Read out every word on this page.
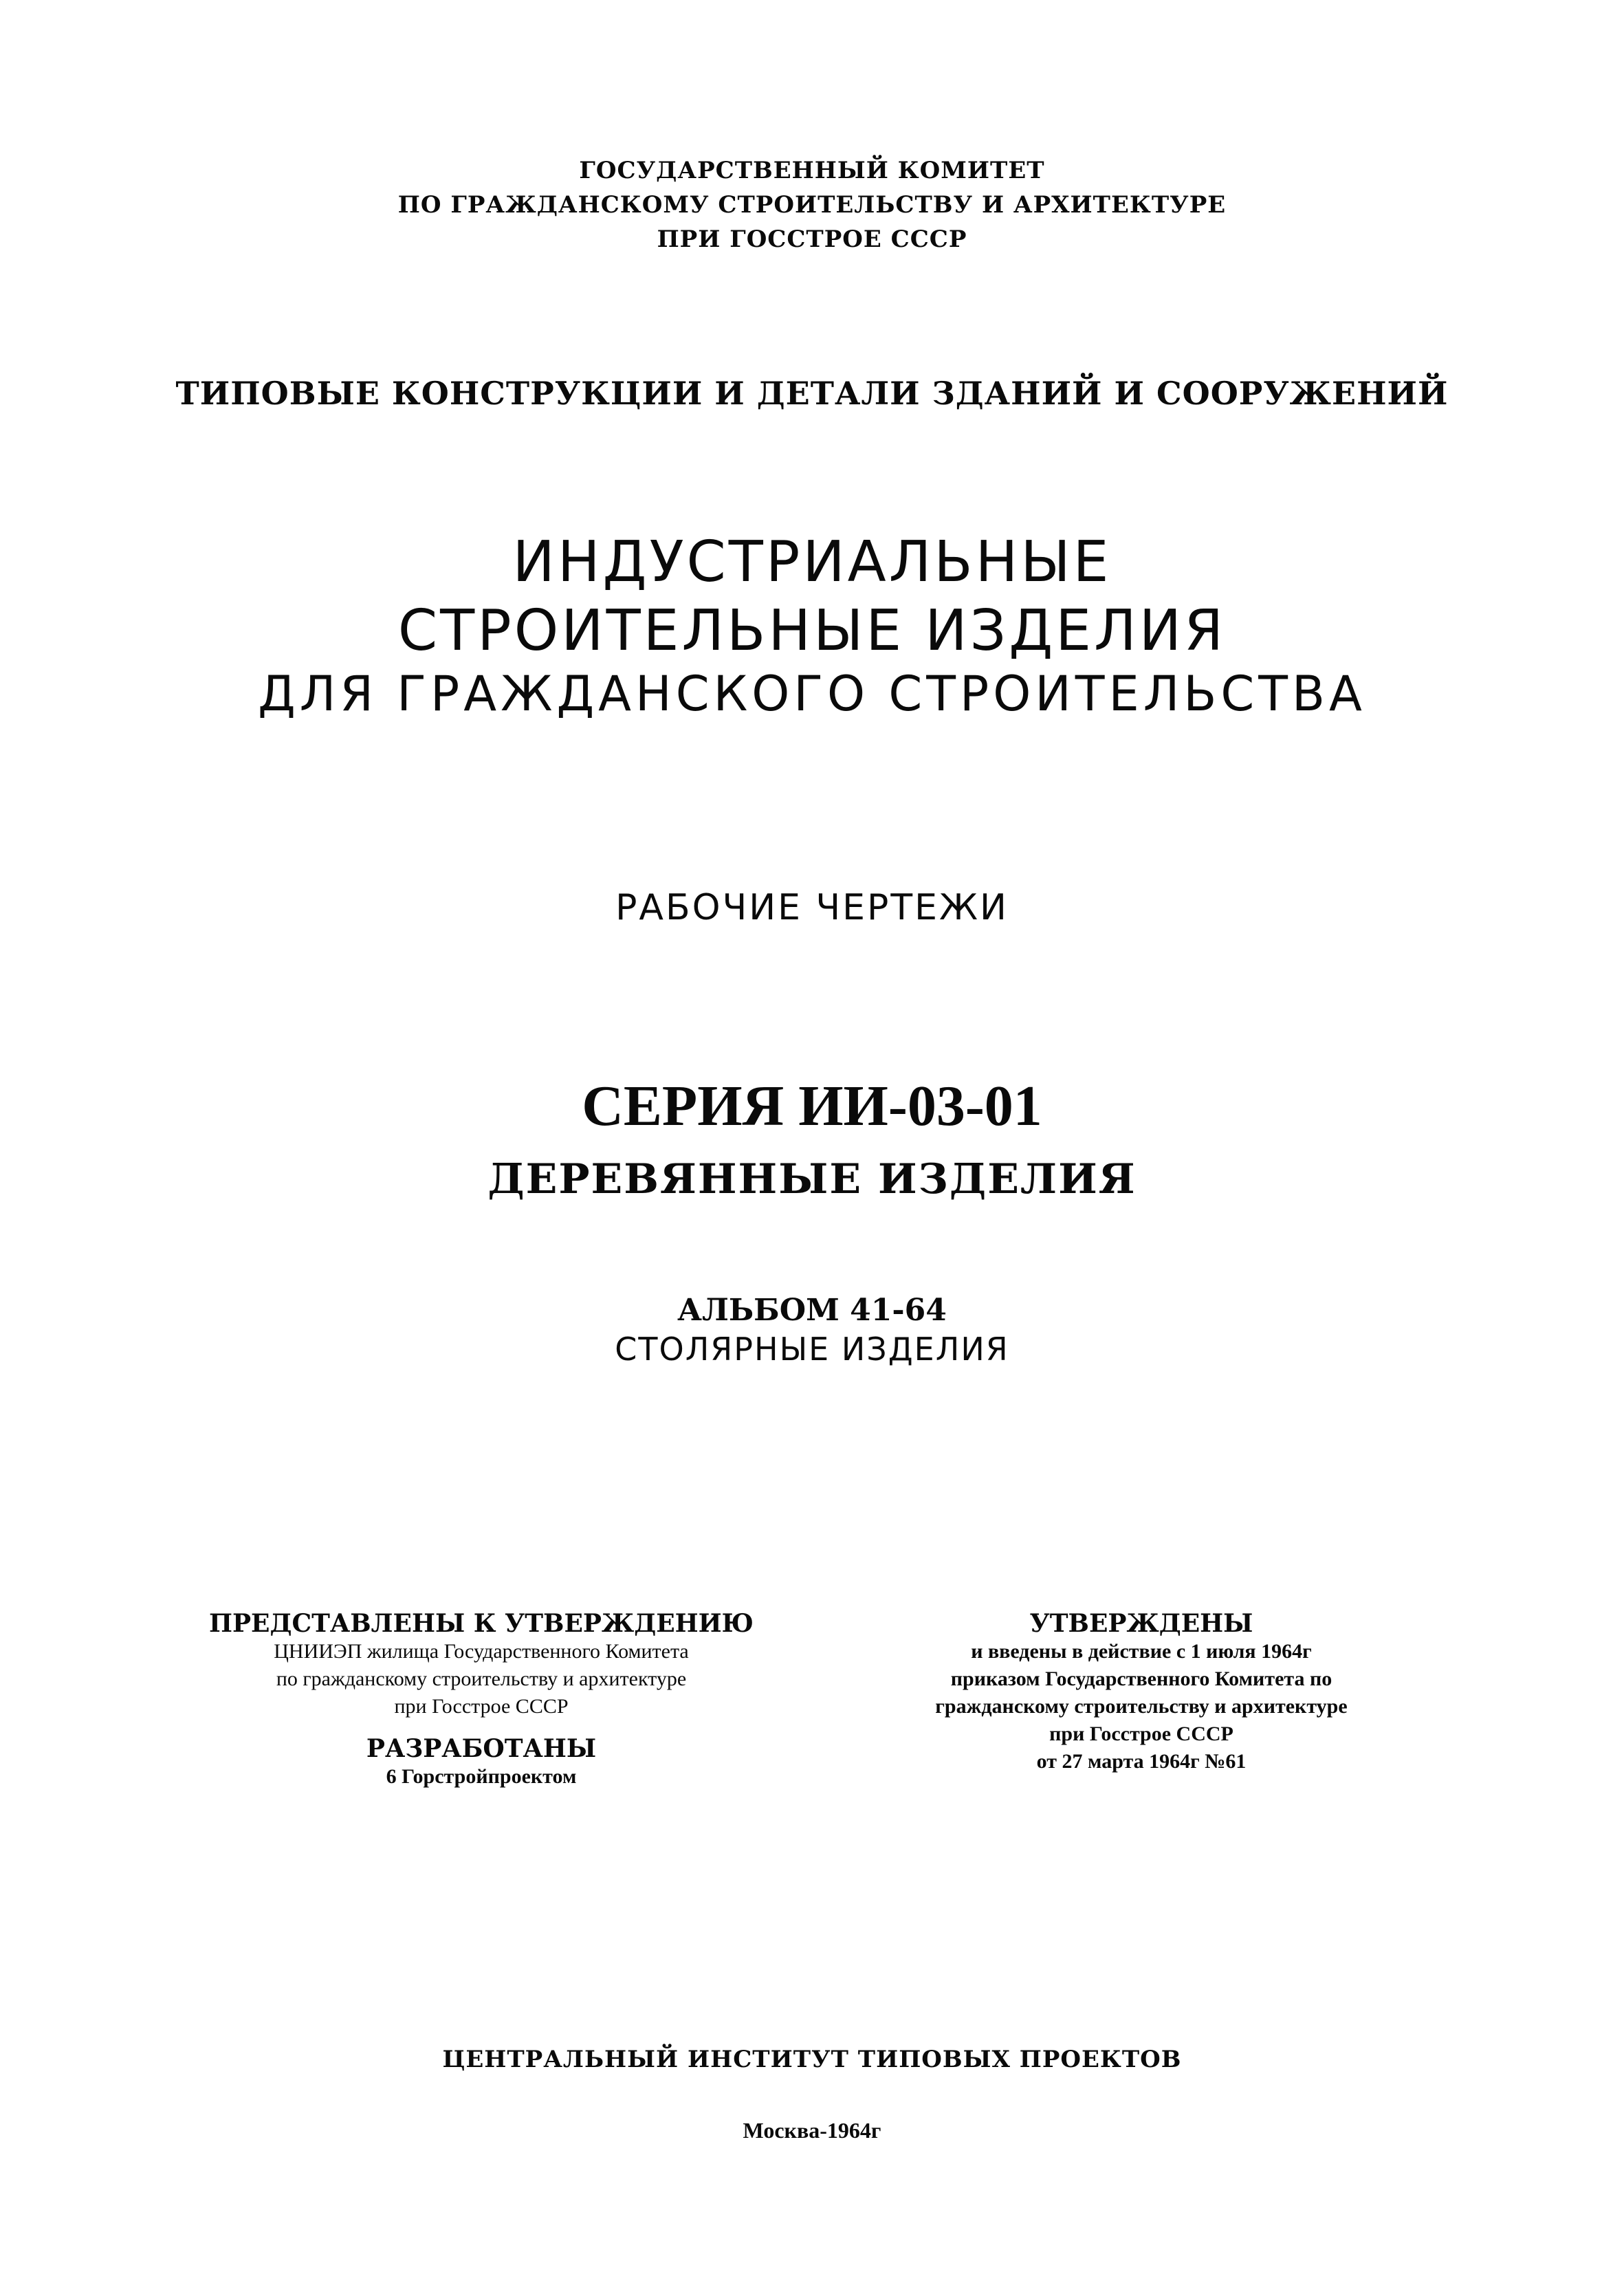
ГОСУДАРСТВЕННЫЙ КОМИТЕТ
ПО ГРАЖДАНСКОМУ СТРОИТЕЛЬСТВУ И АРХИТЕКТУРЕ
ПРИ ГОССТРОЕ СССР
ТИПОВЫЕ КОНСТРУКЦИИ И ДЕТАЛИ ЗДАНИЙ И СООРУЖЕНИЙ
ИНДУСТРИАЛЬНЫЕ
СТРОИТЕЛЬНЫЕ ИЗДЕЛИЯ
ДЛЯ ГРАЖДАНСКОГО СТРОИТЕЛЬСТВА
РАБОЧИЕ ЧЕРТЕЖИ
СЕРИЯ ИИ-03-01
ДЕРЕВЯННЫЕ ИЗДЕЛИЯ
АЛЬБОМ 41-64
СТОЛЯРНЫЕ ИЗДЕЛИЯ
ПРЕДСТАВЛЕНЫ К УТВЕРЖДЕНИЮ
ЦНИИЭП жилища Государственного Комитета
по гражданскому строительству и архитектуре
при Госстрое СССР
РАЗРАБОТАНЫ
6 Горстройпроектом
УТВЕРЖДЕНЫ
и введены в действие с 1 июля 1964г
приказом Государственного Комитета по
гражданскому строительству и архитектуре
при Госстрое СССР
от 27 марта 1964г №61
ЦЕНТРАЛЬНЫЙ ИНСТИТУТ ТИПОВЫХ ПРОЕКТОВ
Москва-1964г
